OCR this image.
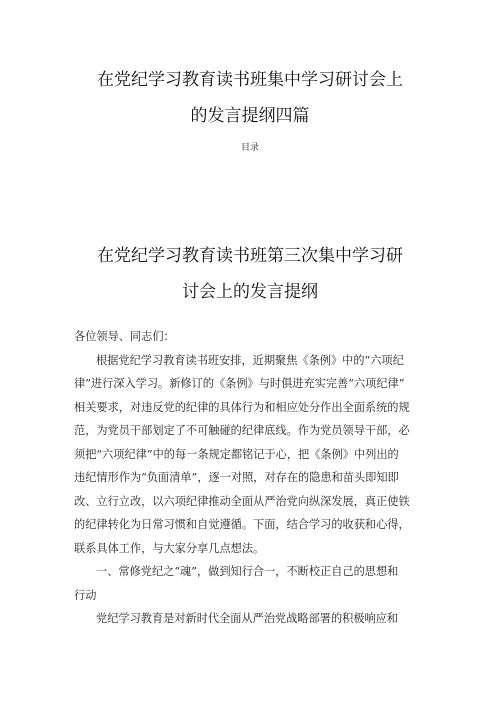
在党纪学习教育读书班集中学习研讨会上
的发言提纲四篇
目录
在党纪学习教育读书班第三次集中学习研
讨会上的发言提纲
各位领导、同志们：
根据党纪学习教育读书班安排，近期聚焦《条例》中的“六项纪
律”进行深入学习。新修订的《条例》与时俱进充实完善“六项纪律”
相关要求，对违反党的纪律的具体行为和相应处分作出全面系统的规
范，为党员干部划定了不可触碰的纪律底线。作为党员领导干部，必
须把“六项纪律”中的每一条规定都铭记于心，把《条例》中列出的
违纪情形作为“负面清单”，逐一对照，对存在的隐患和苗头即知即
改、立行立改，以六项纪律推动全面从严治党向纵深发展，真正使铁
的纪律转化为日常习惯和自觉遵循。下面，结合学习的收获和心得，
联系具体工作，与大家分享几点想法。
一、常修党纪之“魂”，做到知行合一，不断校正自己的思想和
行动
党纪学习教育是对新时代全面从严治党战略部署的积极响应和
